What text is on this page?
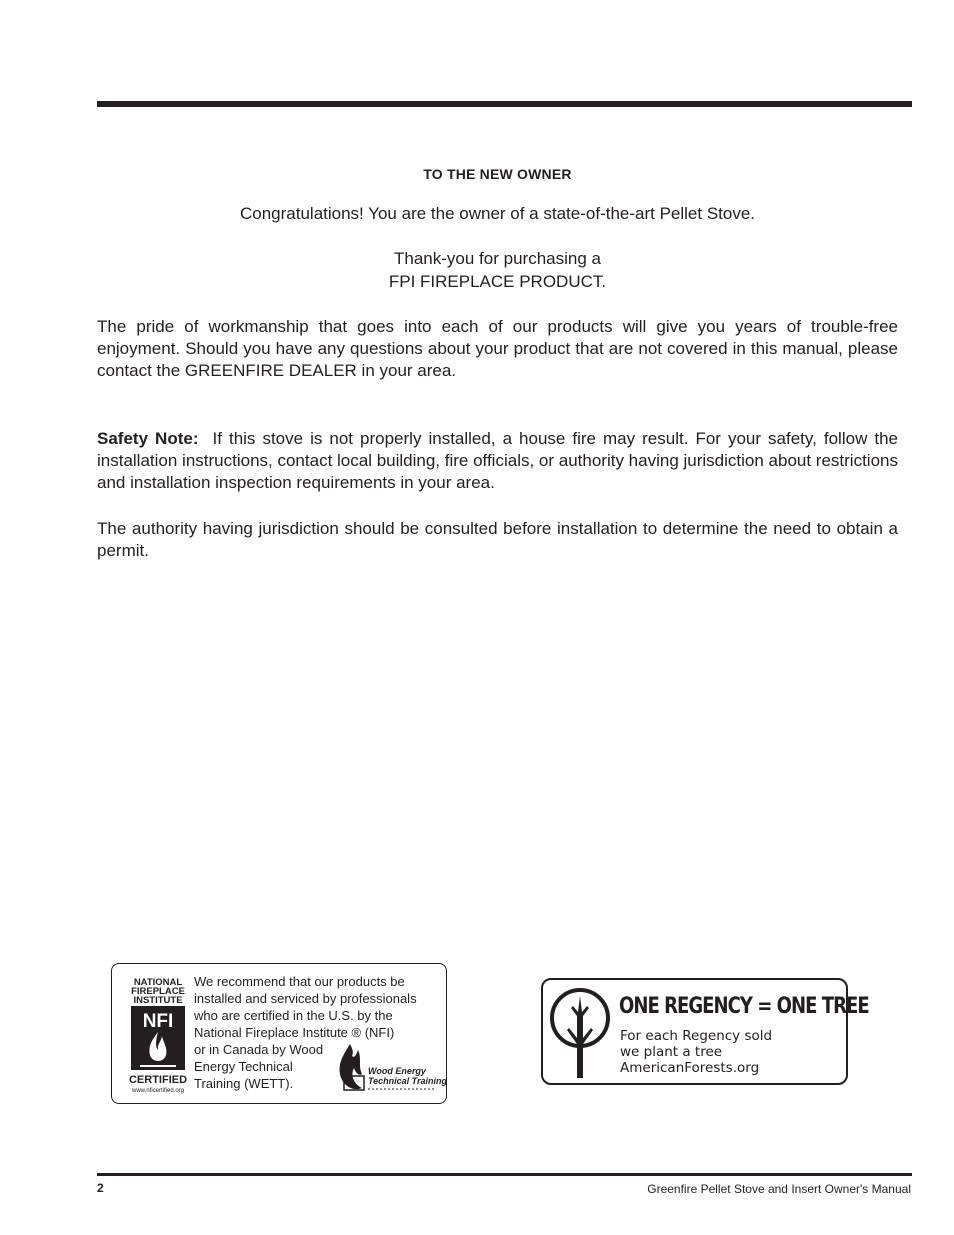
TO THE NEW OWNER
Congratulations! You are the owner of a state-of-the-art Pellet Stove.
Thank-you for purchasing a
FPI FIREPLACE PRODUCT.
The pride of workmanship that goes into each of our products will give you years of trouble-free enjoyment. Should you have any questions about your product that are not covered in this manual, please contact the GREENFIRE DEALER in your area.
Safety Note: If this stove is not properly installed, a house fire may result. For your safety, follow the installation instructions, contact local building, fire officials, or authority having jurisdiction about restrictions and installation inspection requirements in your area.
The authority having jurisdiction should be consulted before installation to determine the need to obtain a permit.
NATIONAL
FIREPLACE
INSTITUTE
NFI
CERTIFIED
www.nficertified.org
We recommend that our products be
installed and serviced by professionals
who are certified in the U.S. by the
National Fireplace Institute ® (NFI)
or in Canada by Wood
Energy Technical
Training (WETT).
Wood Energy
Technical Training
ONE REGENCY = ONE TREE
For each Regency sold
we plant a tree
AmericanForests.org
2	Greenfire Pellet Stove and Insert Owner's Manual
